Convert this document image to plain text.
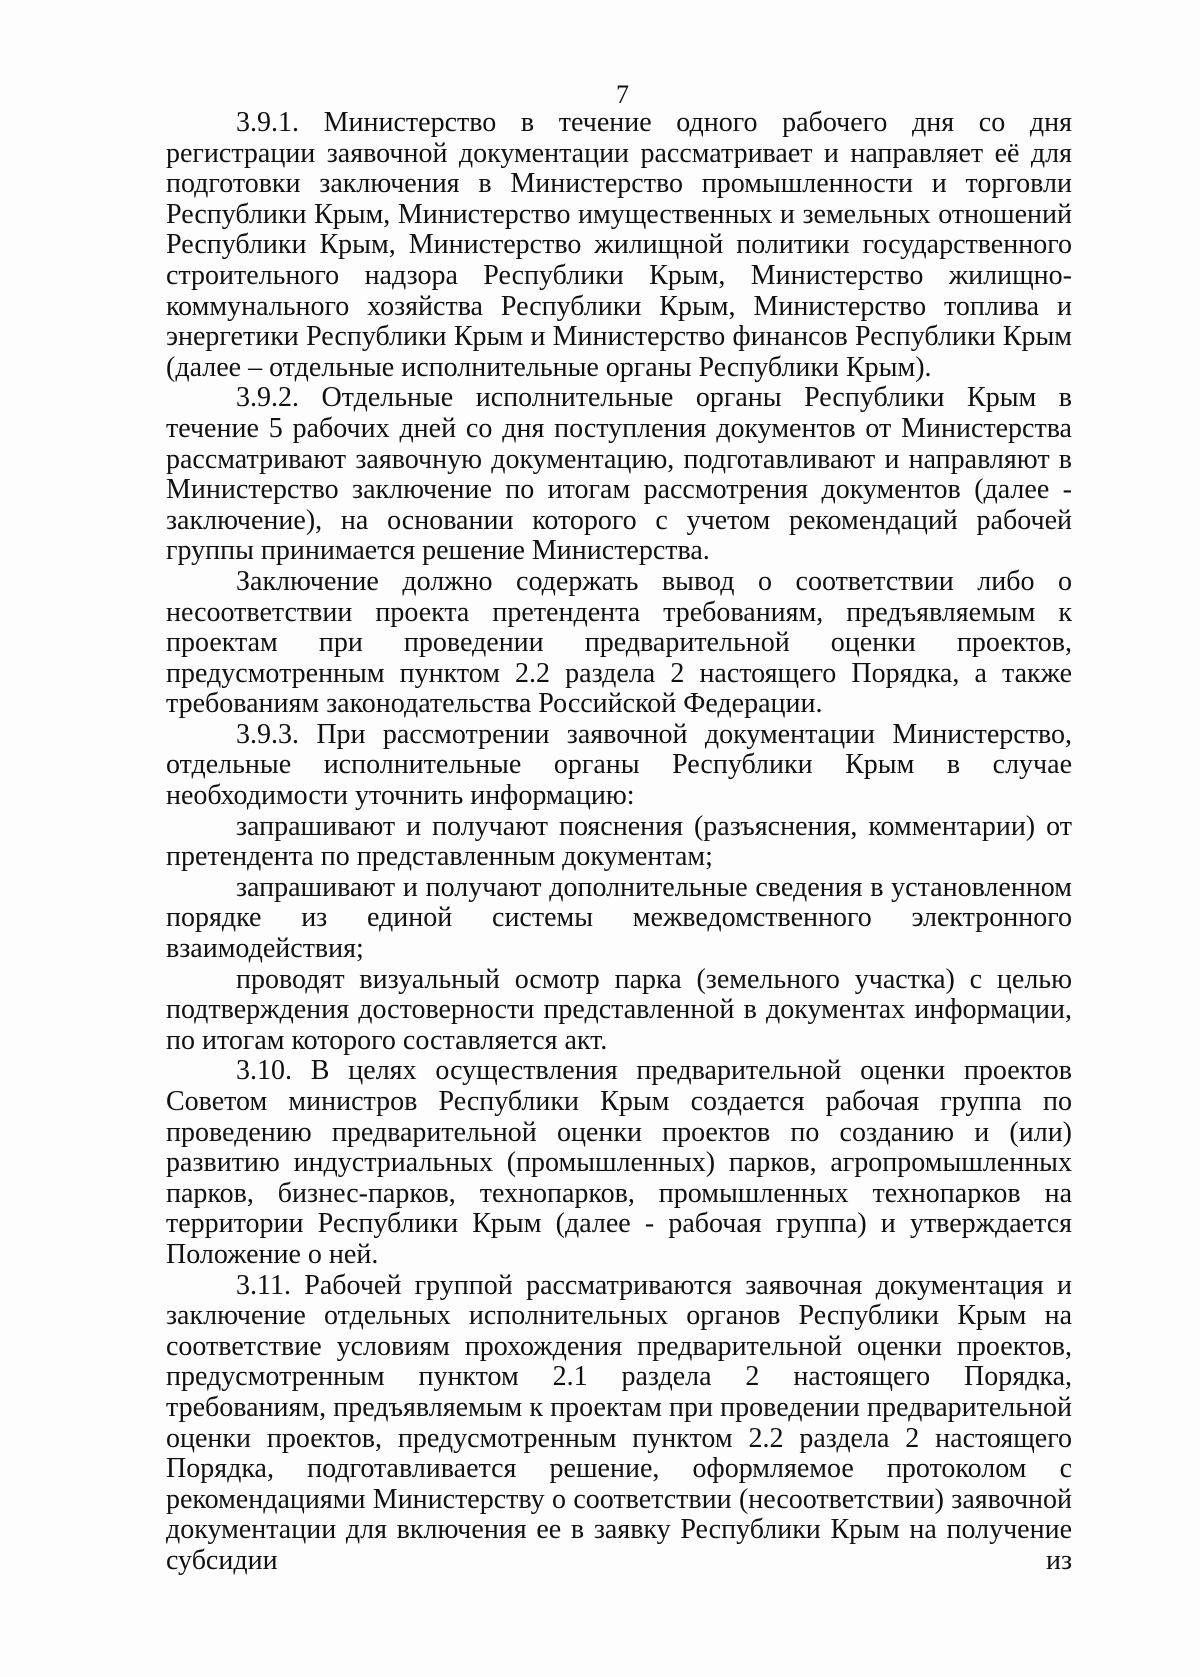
7

3.9.1. Министерство в течение одного рабочего дня со дня регистрации заявочной документации рассматривает и направляет её для подготовки заключения в Министерство промышленности и торговли Республики Крым, Министерство имущественных и земельных отношений Республики Крым, Министерство жилищной политики государственного строительного надзора Республики Крым, Министерство жилищно-коммунального хозяйства Республики Крым, Министерство топлива и энергетики Республики Крым и Министерство финансов Республики Крым (далее – отдельные исполнительные органы Республики Крым).

3.9.2. Отдельные исполнительные органы Республики Крым в течение 5 рабочих дней со дня поступления документов от Министерства рассматривают заявочную документацию, подготавливают и направляют в Министерство заключение по итогам рассмотрения документов (далее - заключение), на основании которого с учетом рекомендаций рабочей группы принимается решение Министерства.

Заключение должно содержать вывод о соответствии либо о несоответствии проекта претендента требованиям, предъявляемым к проектам при проведении предварительной оценки проектов, предусмотренным пунктом 2.2 раздела 2 настоящего Порядка, а также требованиям законодательства Российской Федерации.

3.9.3. При рассмотрении заявочной документации Министерство, отдельные исполнительные органы Республики Крым в случае необходимости уточнить информацию:

запрашивают и получают пояснения (разъяснения, комментарии) от претендента по представленным документам;

запрашивают и получают дополнительные сведения в установленном порядке из единой системы межведомственного электронного взаимодействия;

проводят визуальный осмотр парка (земельного участка) с целью подтверждения достоверности представленной в документах информации, по итогам которого составляется акт.

3.10. В целях осуществления предварительной оценки проектов Советом министров Республики Крым создается рабочая группа по проведению предварительной оценки проектов по созданию и (или) развитию индустриальных (промышленных) парков, агропромышленных парков, бизнес-парков, технопарков, промышленных технопарков на территории Республики Крым (далее - рабочая группа) и утверждается Положение о ней.

3.11. Рабочей группой рассматриваются заявочная документация и заключение отдельных исполнительных органов Республики Крым на соответствие условиям прохождения предварительной оценки проектов, предусмотренным пунктом 2.1 раздела 2 настоящего Порядка, требованиям, предъявляемым к проектам при проведении предварительной оценки проектов, предусмотренным пунктом 2.2 раздела 2 настоящего Порядка, подготавливается решение, оформляемое протоколом с рекомендациями Министерству о соответствии (несоответствии) заявочной документации для включения ее в заявку Республики Крым на получение субсидии из
